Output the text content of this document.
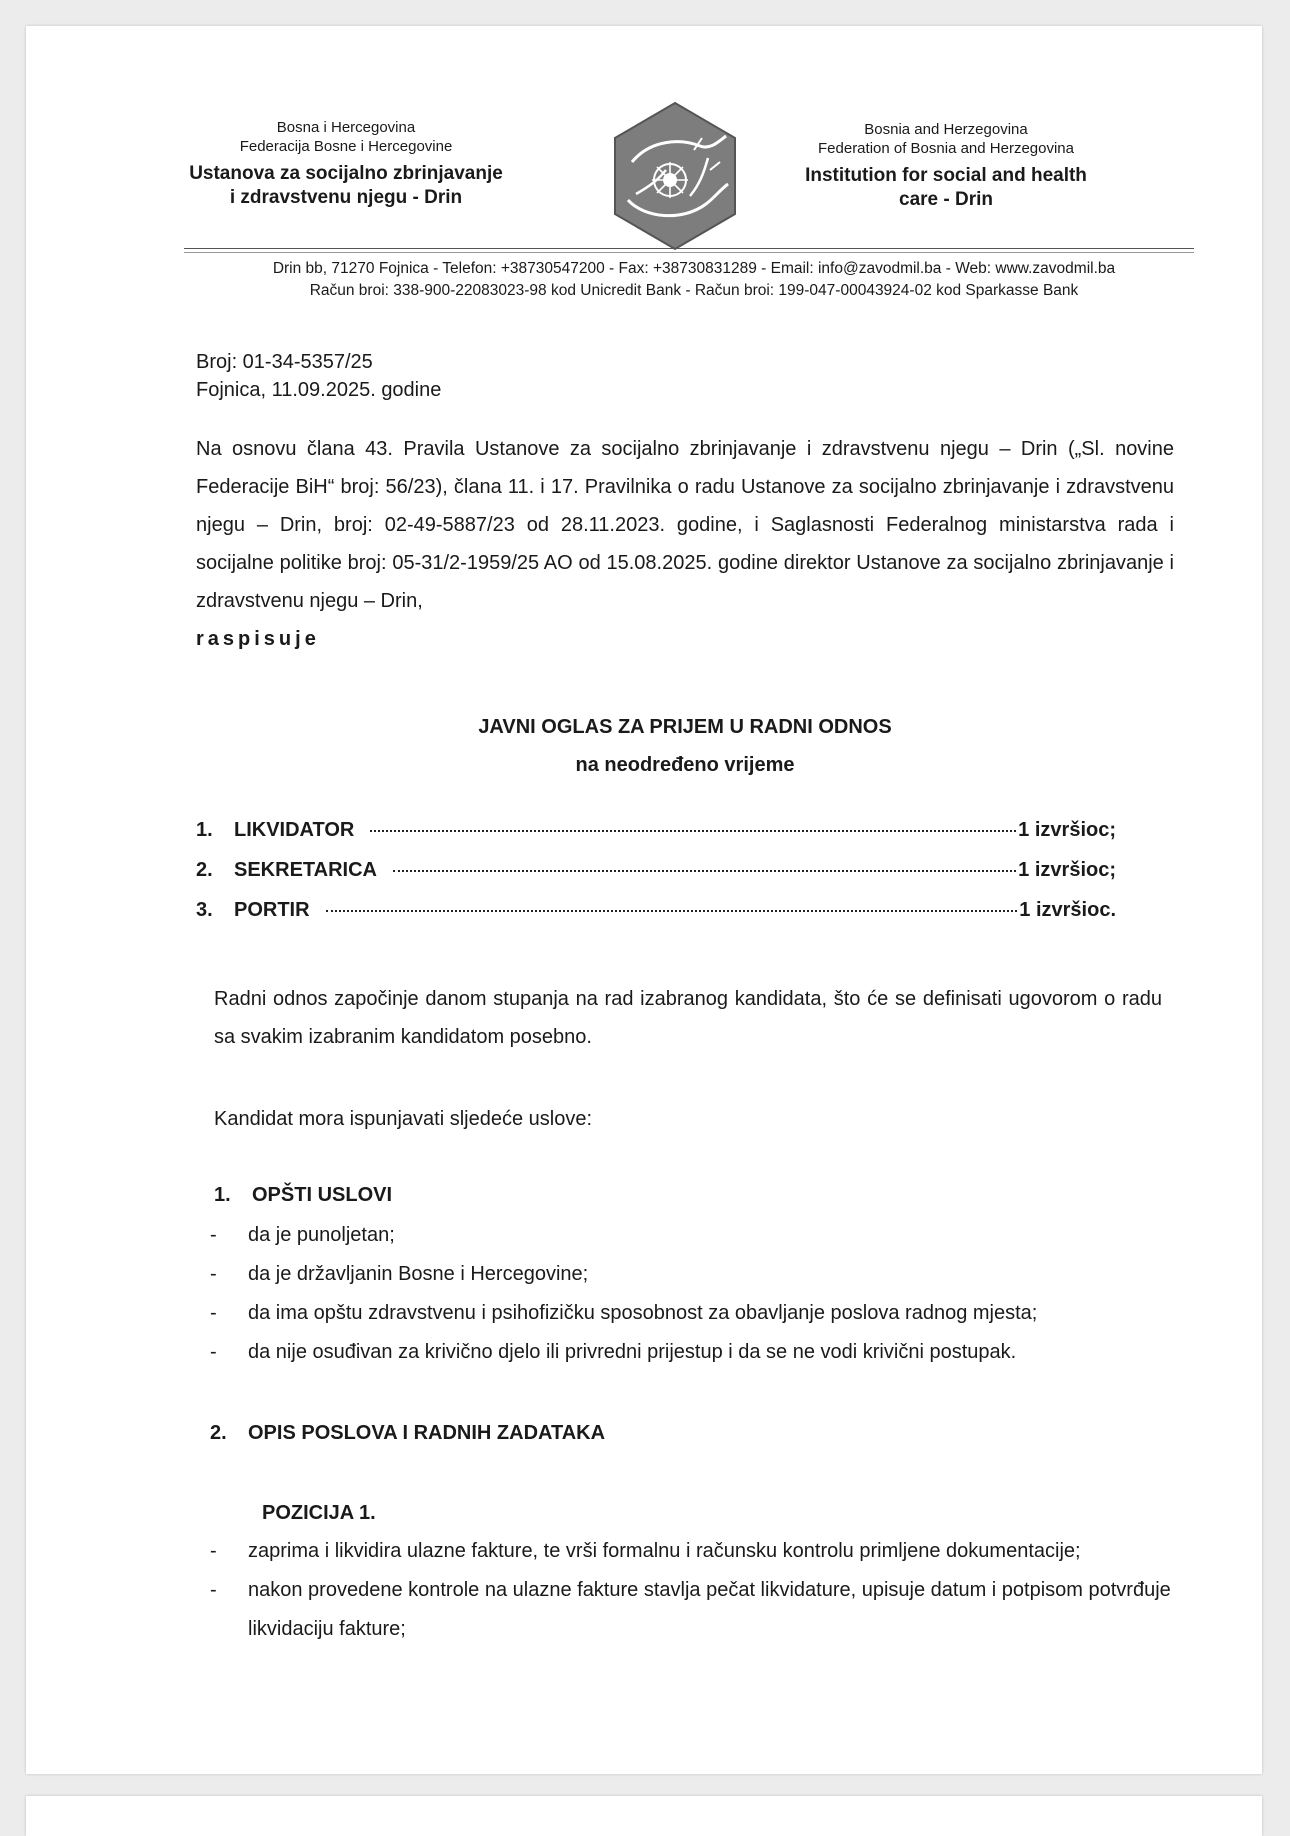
Bosna i Hercegovina
Federacija Bosne i Hercegovine
Ustanova za socijalno zbrinjavanje
i zdravstvenu njegu - Drin
Bosnia and Herzegovina
Federation of Bosnia and Herzegovina
Institution for social and health
care - Drin
Drin bb, 71270 Fojnica - Telefon: +38730547200 - Fax: +38730831289 - Email: info@zavodmil.ba - Web: www.zavodmil.ba
Račun broi: 338-900-22083023-98 kod Unicredit Bank - Račun broi: 199-047-00043924-02 kod Sparkasse Bank
Broj: 01-34-5357/25
Fojnica, 11.09.2025. godine
Na osnovu člana 43. Pravila Ustanove za socijalno zbrinjavanje i zdravstvenu njegu – Drin („Sl. novine Federacije BiH“ broj: 56/23), člana 11. i 17. Pravilnika o radu Ustanove za socijalno zbrinjavanje i zdravstvenu njegu – Drin, broj: 02-49-5887/23 od 28.11.2023. godine, i Saglasnosti Federalnog ministarstva rada i socijalne politike broj: 05-31/2-1959/25 AO od 15.08.2025. godine direktor Ustanove za socijalno zbrinjavanje i zdravstvenu njegu – Drin,
raspisuje
JAVNI OGLAS ZA PRIJEM U RADNI ODNOS
na neodređeno vrijeme
1.	LIKVIDATOR	1 izvršioc;
2.	SEKRETARICA	1 izvršioc;
3.	PORTIR	1 izvršioc.
Radni odnos započinje danom stupanja na rad izabranog kandidata, što će se definisati ugovorom o radu sa svakim izabranim kandidatom posebno.
Kandidat mora ispunjavati sljedeće uslove:
1. OPŠTI USLOVI
-	da je punoljetan;
-	da je državljanin Bosne i Hercegovine;
-	da ima opštu zdravstvenu i psihofizičku sposobnost za obavljanje poslova radnog mjesta;
-	da nije osuđivan za krivično djelo ili privredni prijestup i da se ne vodi krivični postupak.
2. OPIS POSLOVA I RADNIH ZADATAKA
POZICIJA 1.
-	zaprima i likvidira ulazne fakture, te vrši formalnu i računsku kontrolu primljene dokumentacije;
-	nakon provedene kontrole na ulazne fakture stavlja pečat likvidature, upisuje datum i potpisom potvrđuje likvidaciju fakture;
